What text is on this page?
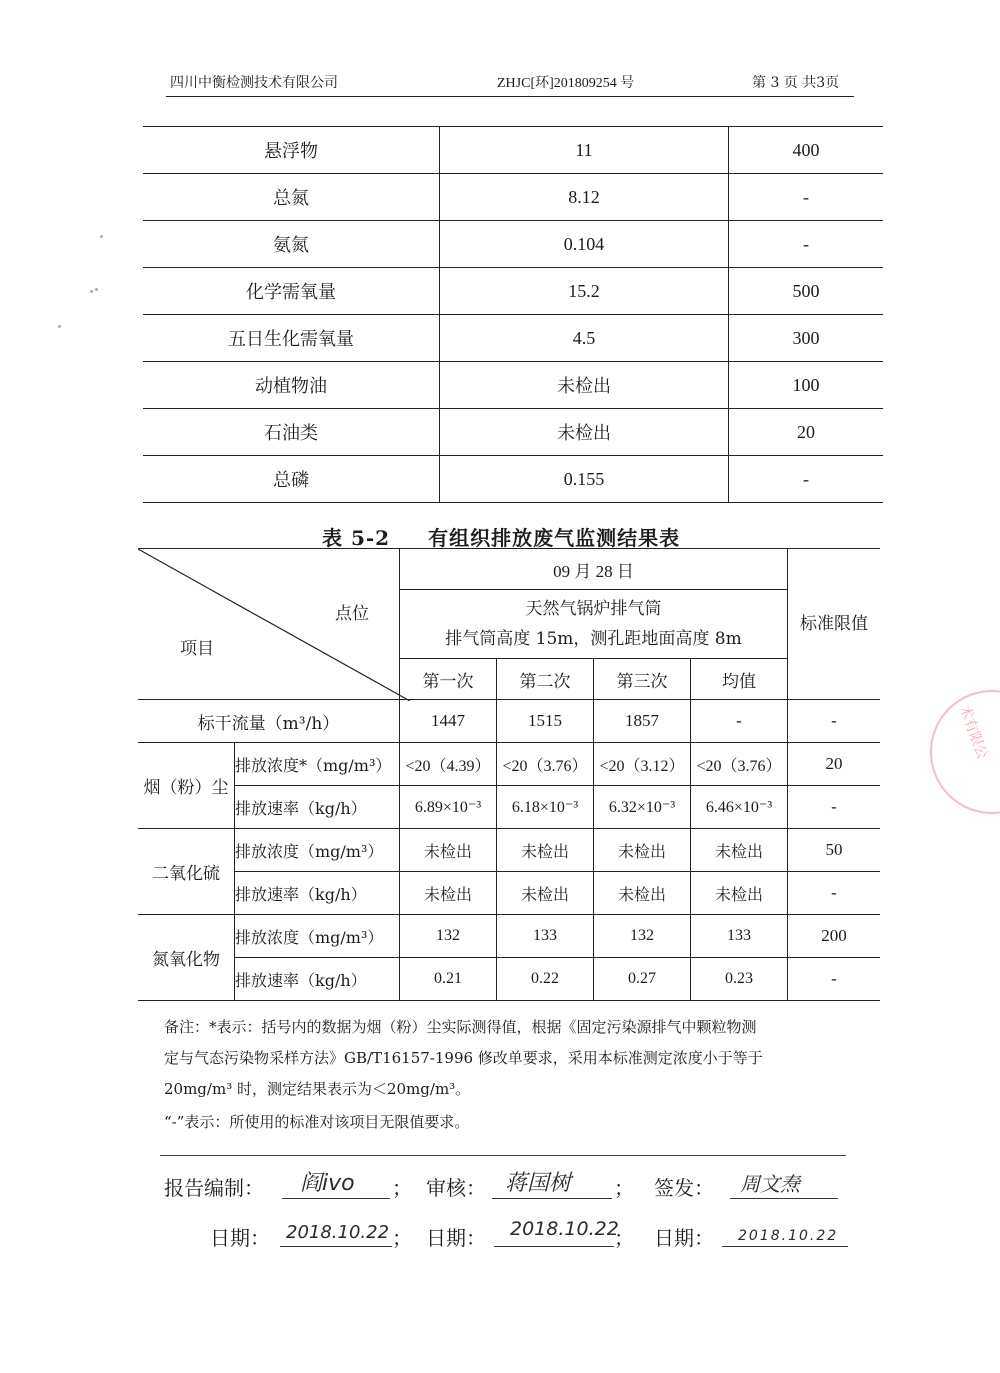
四川中衡检测技术有限公司	ZHJC[环]201809254 号	第 3 页 共3页
悬浮物	11	400
总氮	8.12	-
氨氮	0.104	-
化学需氧量	15.2	500
五日生化需氧量	4.5	300
动植物油	未检出	100
石油类	未检出	20
总磷	0.155	-
表 5-2 有组织排放废气监测结果表
点位
项目		09 月 28 日				标准限值

		天然气锅炉排气筒
排气筒高度 15m，测孔距地面高度 8m				

		第一次	第二次	第三次	均值	
标干流量（m³/h）		1447	1515	1857	-	-
烟（粉）尘	排放浓度*（mg/m³）	<20（4.39）	<20（3.76）	<20（3.12）	<20（3.76）	20
	排放速率（kg/h）	6.89×10⁻³	6.18×10⁻³	6.32×10⁻³	6.46×10⁻³	-
二氧化硫	排放浓度（mg/m³）	未检出	未检出	未检出	未检出	50
	排放速率（kg/h）	未检出	未检出	未检出	未检出	-
氮氧化物	排放浓度（mg/m³）	132	133	132	133	200
	排放速率（kg/h）	0.21	0.22	0.27	0.23	-

备注：*表示：括号内的数据为烟（粉）尘实际测得值，根据《固定污染源排气中颗粒物测

定与气态污染物采样方法》GB/T16157-1996 修改单要求，采用本标准测定浓度小于等于

20mg/m³ 时，测定结果表示为＜20mg/m³。

“-”表示：所使用的标准对该项目无限值要求。

报告编制： 阎ivo ； 审核： 蒋国树 ； 签发： 周文焘
日期： 2018.10.22 ； 日期： 2018.10.22
； 日期： 2018.10.22
术有限公
